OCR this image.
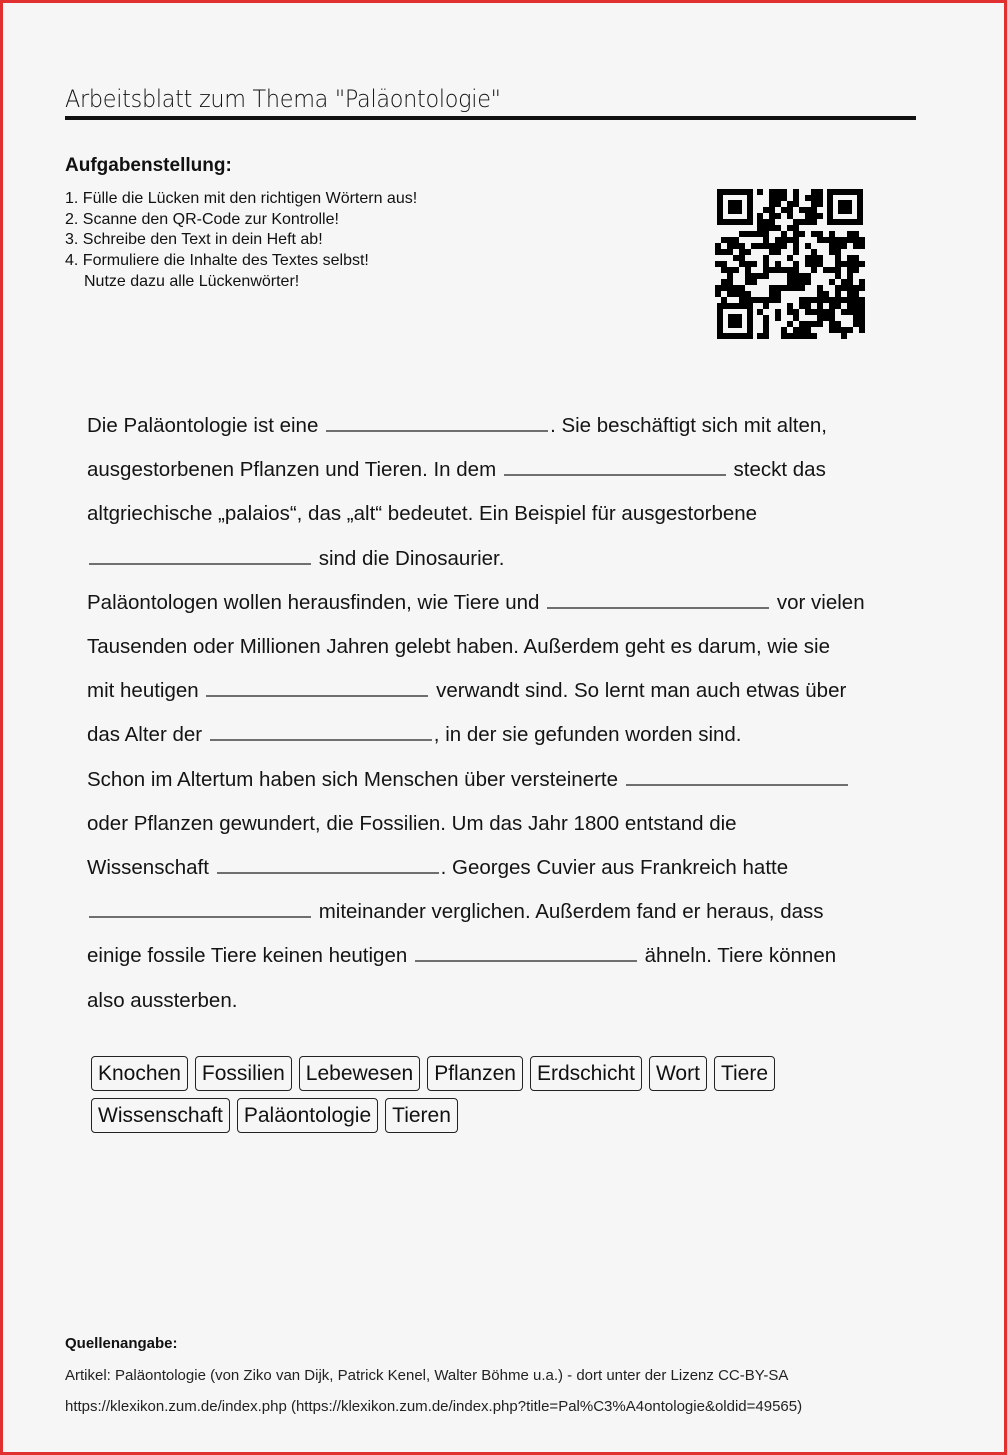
Arbeitsblatt zum Thema "Paläontologie"
Aufgabenstellung:
1. Fülle die Lücken mit den richtigen Wörtern aus!
2. Scanne den QR-Code zur Kontrolle!
3. Schreibe den Text in dein Heft ab!
4. Formuliere die Inhalte des Textes selbst!
Nutze dazu alle Lückenwörter!
Die Paläontologie ist eine	. Sie beschäftigt sich mit alten,
ausgestorbenen Pflanzen und Tieren. In dem	steckt das
altgriechische „palaios“, das „alt“ bedeutet. Ein Beispiel für ausgestorbene
sind die Dinosaurier.
Paläontologen wollen herausfinden, wie Tiere und	vor vielen
Tausenden oder Millionen Jahren gelebt haben. Außerdem geht es darum, wie sie
mit heutigen	verwandt sind. So lernt man auch etwas über
das Alter der	, in der sie gefunden worden sind.
Schon im Altertum haben sich Menschen über versteinerte
oder Pflanzen gewundert, die Fossilien. Um das Jahr 1800 entstand die
Wissenschaft	. Georges Cuvier aus Frankreich hatte
miteinander verglichen. Außerdem fand er heraus, dass
einige fossile Tiere keinen heutigen	ähneln. Tiere können
also aussterben.
Knochen	Fossilien	Lebewesen	Pflanzen	Erdschicht	Wort	Tiere
Wissenschaft	Paläontologie	Tieren
Quellenangabe:
Artikel: Paläontologie (von Ziko van Dijk, Patrick Kenel, Walter Böhme u.a.) - dort unter der Lizenz CC-BY-SA
https://klexikon.zum.de/index.php (https://klexikon.zum.de/index.php?title=Pal%C3%A4ontologie&oldid=49565)
